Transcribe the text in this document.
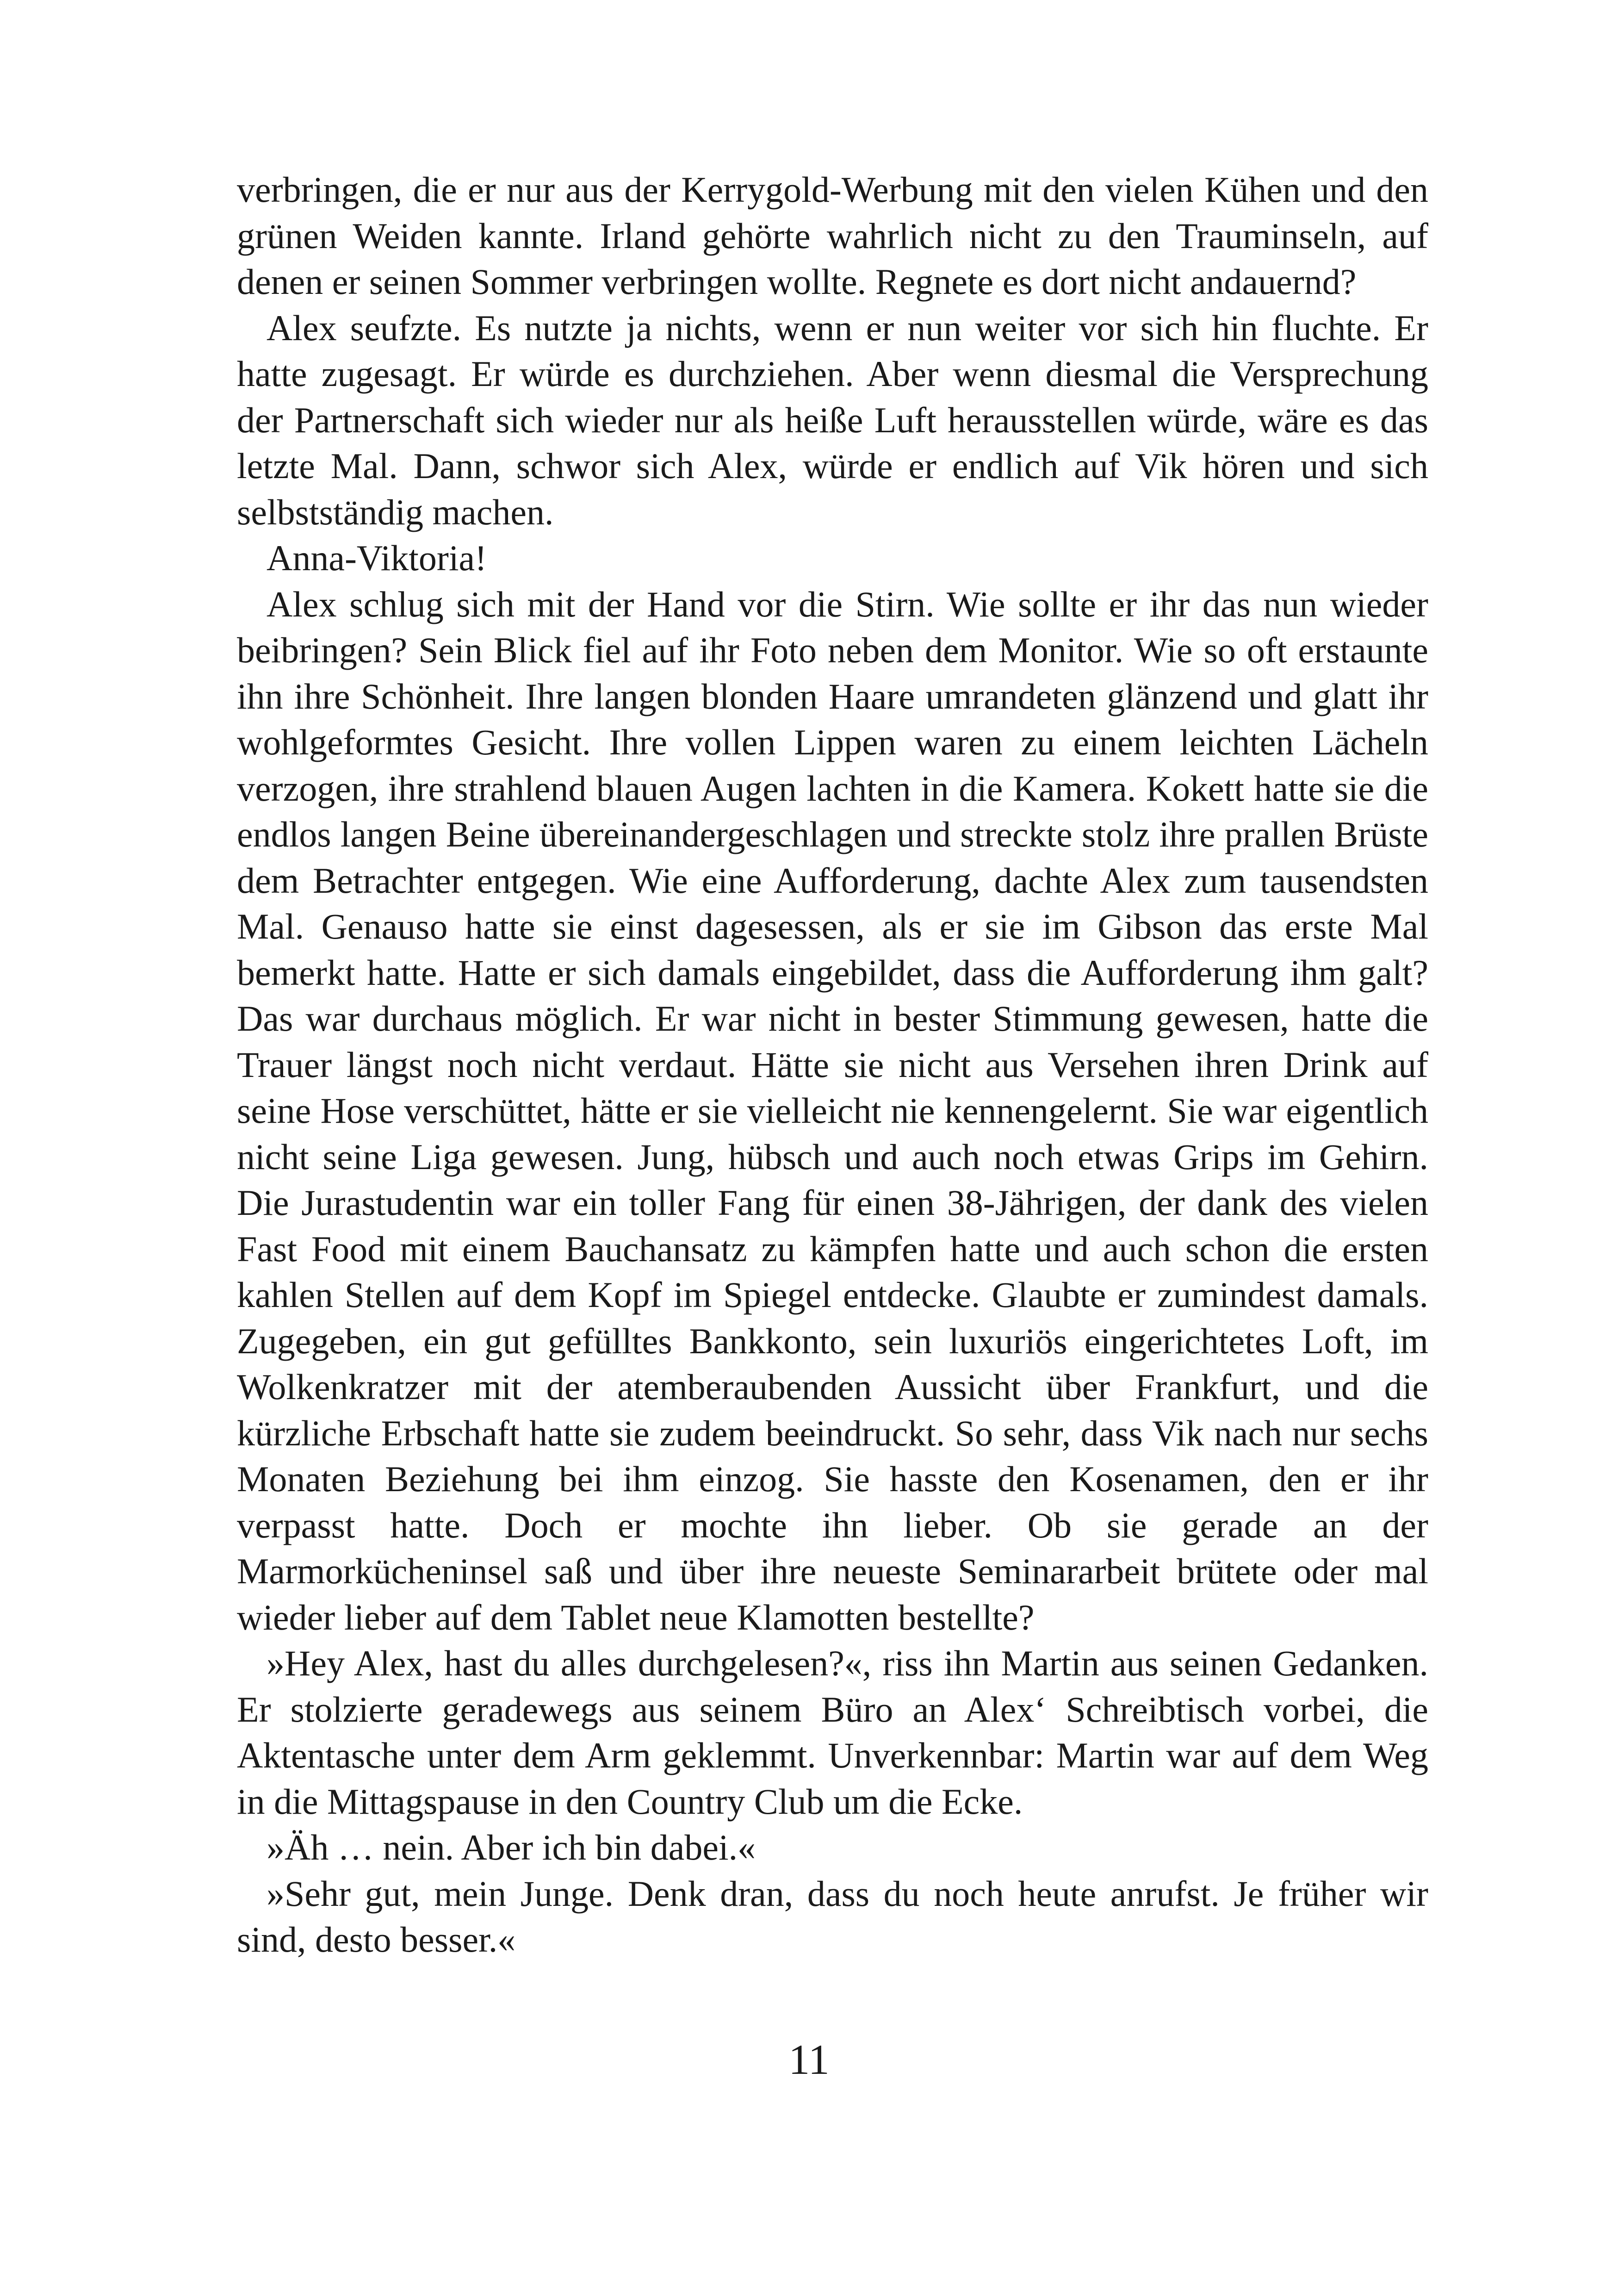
verbringen, die er nur aus der Kerrygold-Werbung mit den vielen Kühen und den grünen Weiden kannte. Irland gehörte wahrlich nicht zu den Trauminseln, auf denen er seinen Sommer verbringen wollte. Regnete es dort nicht andauernd?

Alex seufzte. Es nutzte ja nichts, wenn er nun weiter vor sich hin fluchte. Er hatte zugesagt. Er würde es durchziehen. Aber wenn diesmal die Versprechung der Partnerschaft sich wieder nur als heiße Luft herausstellen würde, wäre es das letzte Mal. Dann, schwor sich Alex, würde er endlich auf Vik hören und sich selbstständig machen.

Anna-Viktoria!

Alex schlug sich mit der Hand vor die Stirn. Wie sollte er ihr das nun wieder beibringen? Sein Blick fiel auf ihr Foto neben dem Monitor. Wie so oft erstaunte ihn ihre Schönheit. Ihre langen blonden Haare umrandeten glänzend und glatt ihr wohlgeformtes Gesicht. Ihre vollen Lippen waren zu einem leichten Lächeln verzogen, ihre strahlend blauen Augen lachten in die Kamera. Kokett hatte sie die endlos langen Beine übereinandergeschlagen und streckte stolz ihre prallen Brüste dem Betrachter entgegen. Wie eine Aufforderung, dachte Alex zum tausendsten Mal. Genauso hatte sie einst dagesessen, als er sie im Gibson das erste Mal bemerkt hatte. Hatte er sich damals eingebildet, dass die Aufforderung ihm galt? Das war durchaus möglich. Er war nicht in bester Stimmung gewesen, hatte die Trauer längst noch nicht verdaut. Hätte sie nicht aus Versehen ihren Drink auf seine Hose verschüttet, hätte er sie vielleicht nie kennengelernt. Sie war eigentlich nicht seine Liga gewesen. Jung, hübsch und auch noch etwas Grips im Gehirn. Die Jurastudentin war ein toller Fang für einen 38-Jährigen, der dank des vielen Fast Food mit einem Bauchansatz zu kämpfen hatte und auch schon die ersten kahlen Stellen auf dem Kopf im Spiegel entdecke. Glaubte er zumindest damals. Zugegeben, ein gut gefülltes Bankkonto, sein luxuriös eingerichtetes Loft, im Wolkenkratzer mit der atemberaubenden Aussicht über Frankfurt, und die kürzliche Erbschaft hatte sie zudem beeindruckt. So sehr, dass Vik nach nur sechs Monaten Beziehung bei ihm einzog. Sie hasste den Kosenamen, den er ihr verpasst hatte. Doch er mochte ihn lieber. Ob sie gerade an der Marmorkücheninsel saß und über ihre neueste Seminararbeit brütete oder mal wieder lieber auf dem Tablet neue Klamotten bestellte?

»Hey Alex, hast du alles durchgelesen?«, riss ihn Martin aus seinen Gedanken. Er stolzierte geradewegs aus seinem Büro an Alex‘ Schreibtisch vorbei, die Aktentasche unter dem Arm geklemmt. Unverkennbar: Martin war auf dem Weg in die Mittagspause in den Country Club um die Ecke.

»Äh … nein. Aber ich bin dabei.«

»Sehr gut, mein Junge. Denk dran, dass du noch heute anrufst. Je früher wir sind, desto besser.«

11
